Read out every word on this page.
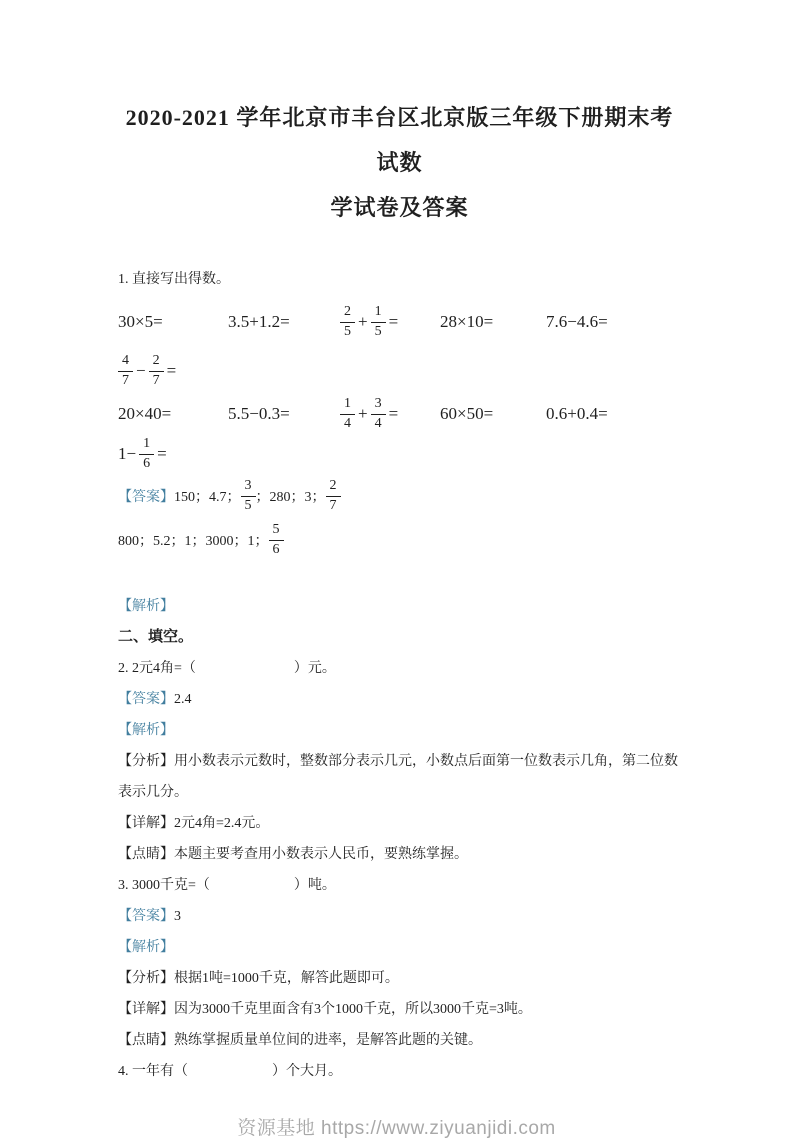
2020-2021 学年北京市丰台区北京版三年级下册期末考试数
学试卷及答案

1. 直接写出得数。

30×5=	3.5+1.2=	$\frac{2}{5} + \frac{1}{5} = 28\times 10=$	7.6−4.6=
$\frac{4}{7} - \frac{2}{7}$ =
20×40=	5.5−0.3=	$\frac{1}{4} + \frac{3}{4} = 60\times 50=$	0.6+0.4=
$1- \frac{1}{6}$ =
【答案】 150；4.7； $\frac{3}{5}$ ；280；3； $\frac{2}{7}$
800；5.2；1；3000；1； $\frac{5}{6}$

【解析】

二、填空。

2. 2元4角=（　　　　　　　）元。

【答案】2.4

【解析】

【分析】用小数表示元数时，整数部分表示几元，小数点后面第一位数表示几角，第二位数表示几分。

【详解】2元4角=2.4元。

【点睛】本题主要考查用小数表示人民币，要熟练掌握。

3. 3000千克=（　　　　　　）吨。

【答案】3

【解析】

【分析】根据1吨=1000千克，解答此题即可。

【详解】因为3000千克里面含有3个1000千克，所以3000千克=3吨。

【点睛】熟练掌握质量单位间的进率，是解答此题的关键。

4. 一年有（　　　　　　）个大月。

资源基地 https://www.ziyuanjidi.com
